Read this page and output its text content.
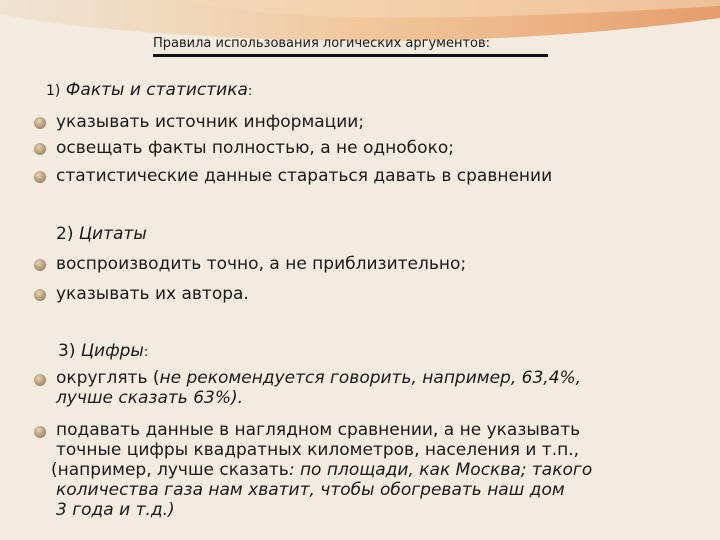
Правила использования логических аргументов:
1) Факты и статистика:
указывать источник информации;
освещать факты полностью, а не однобоко;
статистические данные стараться давать в сравнении
2) Цитаты
воспроизводить точно, а не приблизительно;
указывать их автора.
3) Цифры:
округлять (не рекомендуется говорить, например, 63,4%,
лучше сказать 63%).
подавать данные в наглядном сравнении, а не указывать
точные цифры квадратных километров, населения и т.п.,
(например, лучше сказать: по площади, как Москва; такого
количества газа нам хватит, чтобы обогревать наш дом
3 года и т.д.)
